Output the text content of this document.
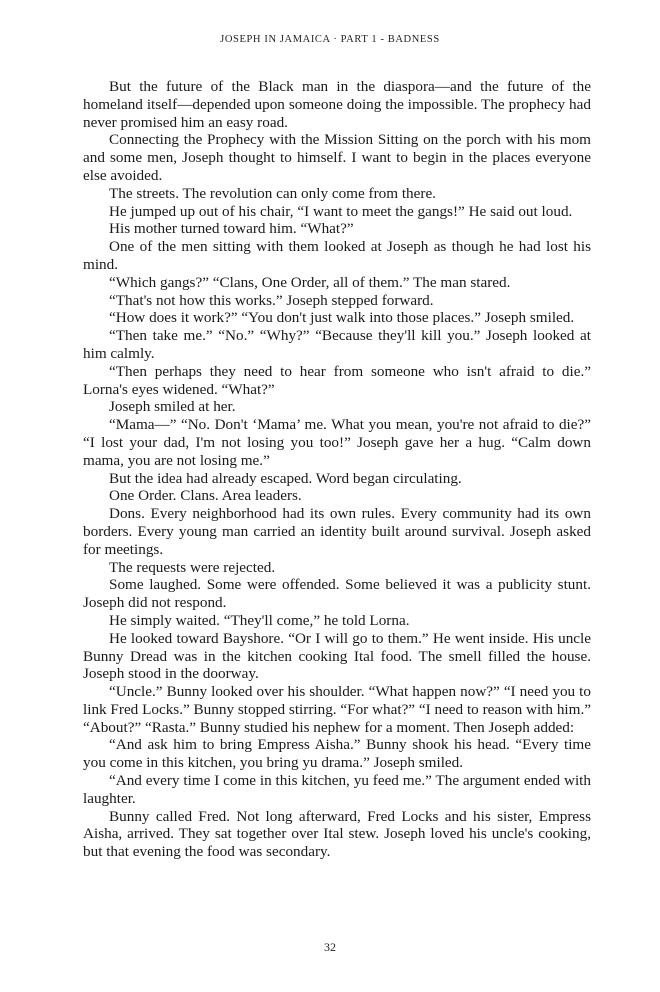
JOSEPH IN JAMAICA · PART 1 - BADNESS

But the future of the Black man in the diaspora—and the future of the homeland itself—depended upon someone doing the impossible. The prophecy had never promised him an easy road.

Connecting the Prophecy with the Mission Sitting on the porch with his mom and some men, Joseph thought to himself. I want to begin in the places everyone else avoided.

The streets. The revolution can only come from there.

He jumped up out of his chair, “I want to meet the gangs!” He said out loud.

His mother turned toward him. “What?”

One of the men sitting with them looked at Joseph as though he had lost his mind.

“Which gangs?” “Clans, One Order, all of them.” The man stared.

“That's not how this works.” Joseph stepped forward.

“How does it work?” “You don't just walk into those places.” Joseph smiled.

“Then take me.” “No.” “Why?” “Because they'll kill you.” Joseph looked at him calmly.

“Then perhaps they need to hear from someone who isn't afraid to die.” Lorna's eyes widened. “What?”

Joseph smiled at her.

“Mama—” “No. Don't ‘Mama’ me. What you mean, you're not afraid to die?” “I lost your dad, I'm not losing you too!” Joseph gave her a hug. “Calm down mama, you are not losing me.”

But the idea had already escaped. Word began circulating.

One Order. Clans. Area leaders.

Dons. Every neighborhood had its own rules. Every community had its own borders. Every young man carried an identity built around survival. Joseph asked for meetings.

The requests were rejected.

Some laughed. Some were offended. Some believed it was a publicity stunt. Joseph did not respond.

He simply waited. “They'll come,” he told Lorna.

He looked toward Bayshore. “Or I will go to them.” He went inside. His uncle Bunny Dread was in the kitchen cooking Ital food. The smell filled the house. Joseph stood in the doorway.

“Uncle.” Bunny looked over his shoulder. “What happen now?” “I need you to link Fred Locks.” Bunny stopped stirring. “For what?” “I need to reason with him.” “About?” “Rasta.” Bunny studied his nephew for a moment. Then Joseph added:

“And ask him to bring Empress Aisha.” Bunny shook his head. “Every time you come in this kitchen, you bring yu drama.” Joseph smiled.

“And every time I come in this kitchen, yu feed me.” The argument ended with laughter.

Bunny called Fred. Not long afterward, Fred Locks and his sister, Empress Aisha, arrived. They sat together over Ital stew. Joseph loved his uncle's cooking, but that evening the food was secondary.

32
